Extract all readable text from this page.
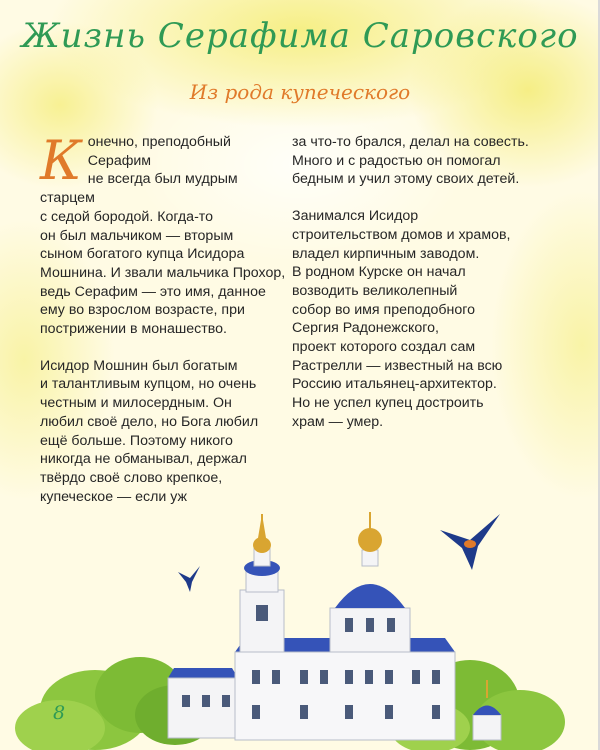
Жизнь Серафима Саровского
Из рода купеческого

Конечно, преподобный Серафим
не всегда был мудрым старцем
с седой бородой. Когда-то
он был мальчиком — вторым
сыном богатого купца Исидора Мошнина. И звали мальчика Прохор, ведь Серафим — это имя, данное ему во взрослом возрасте, при пострижении в монашество.

Исидор Мошнин был богатым
и талантливым купцом, но очень
честным и милосердным. Он
любил своё дело, но Бога любил
ещё больше. Поэтому никого
никогда не обманывал, держал
твёрдо своё слово крепкое,
купеческое — если уж

за что-то брался, делал на совесть.
Много и с радостью он помогал
бедным и учил этому своих детей.

Занимался Исидор
строительством домов и храмов,
владел кирпичным заводом.
В родном Курске он начал
возводить великолепный
собор во имя преподобного
Сергия Радонежского,
проект которого создал сам
Растрелли — известный на всю
Россию итальянец-архитектор.
Но не успел купец достроить
храм — умер.

8
